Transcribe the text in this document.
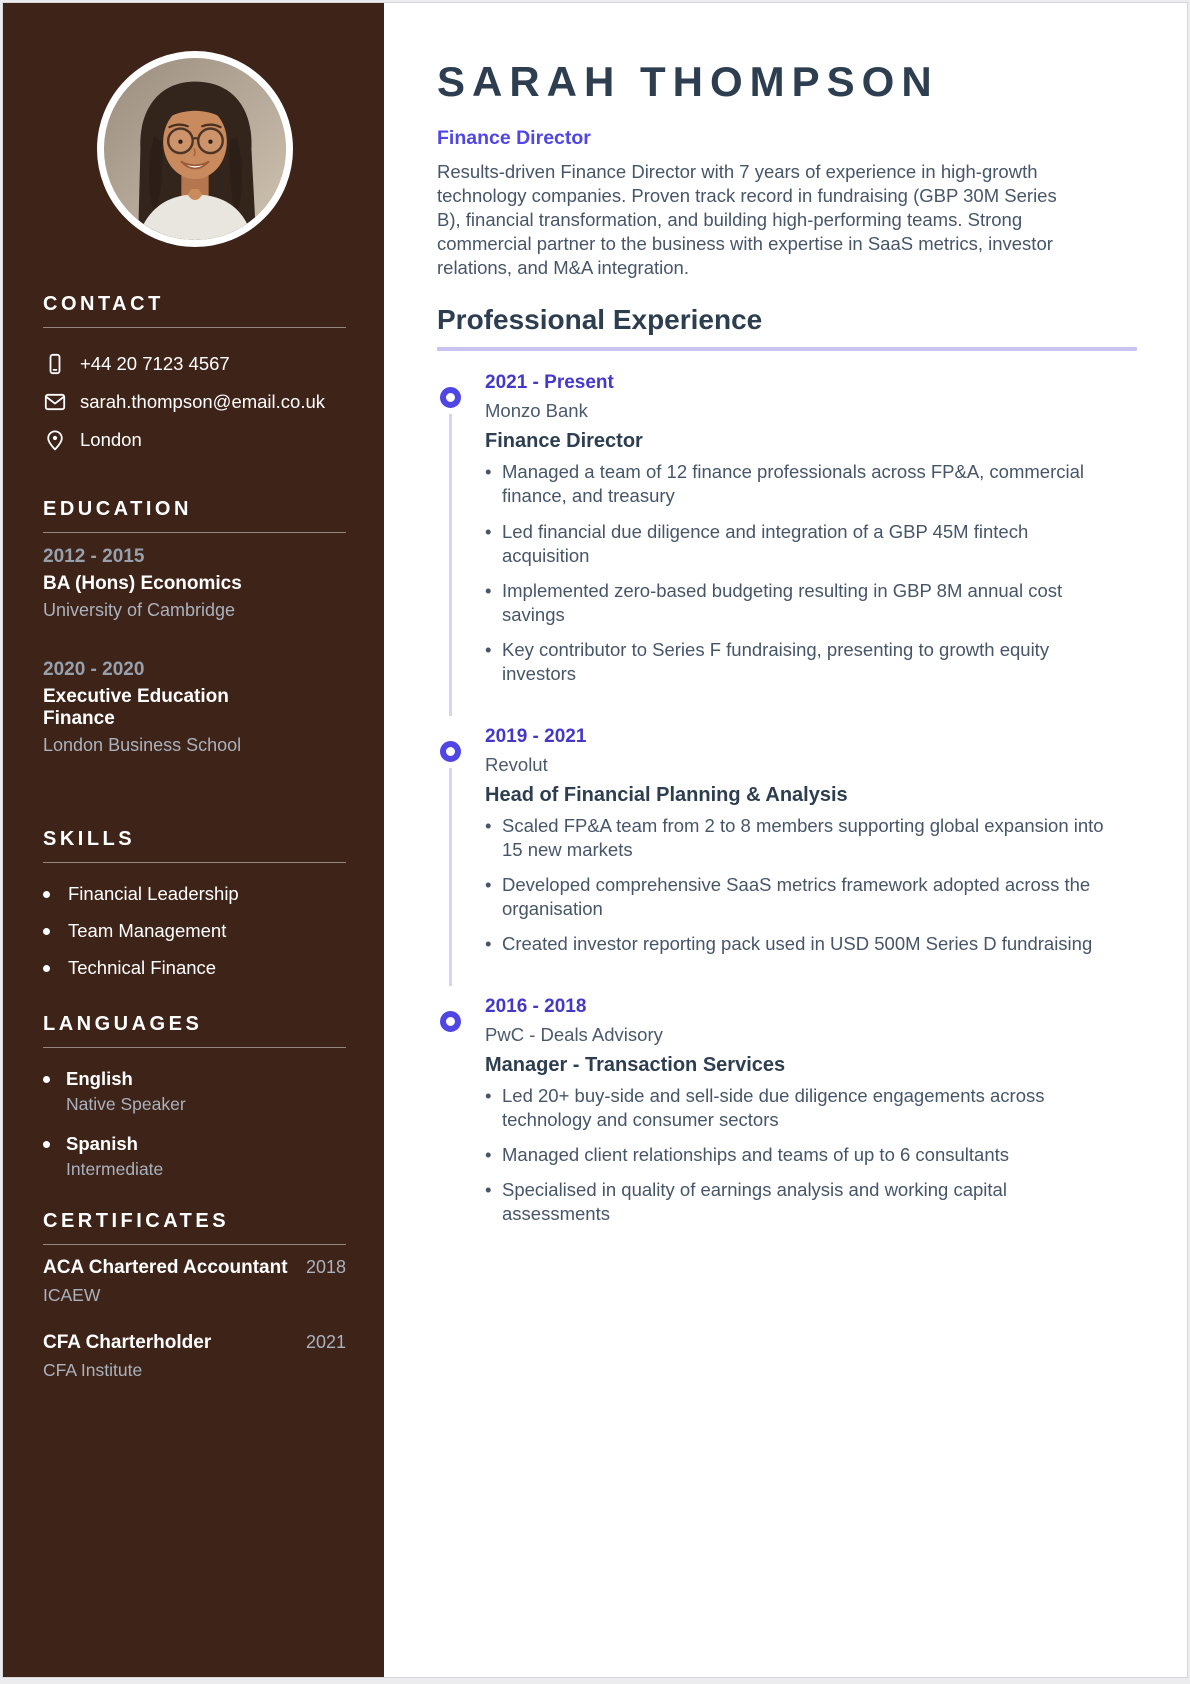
CONTACT
+44 20 7123 4567
sarah.thompson@email.co.uk
London
EDUCATION
2012 - 2015
BA (Hons) Economics
University of Cambridge
2020 - 2020
Executive Education Finance
London Business School
SKILLS
Financial Leadership
Team Management
Technical Finance
LANGUAGES
English
Native Speaker
Spanish
Intermediate
CERTIFICATES
ACA Chartered Accountant	2018
ICAEW
CFA Charterholder	2021
CFA Institute
SARAH THOMPSON
Finance Director

Results-driven Finance Director with 7 years of experience in high-growth technology companies. Proven track record in fundraising (GBP 30M Series B), financial transformation, and building high-performing teams. Strong commercial partner to the business with expertise in SaaS metrics, investor relations, and M&A integration.

Professional Experience
2021 - Present
Monzo Bank
Finance Director
• Managed a team of 12 finance professionals across FP&A, commercial finance, and treasury
• Led financial due diligence and integration of a GBP 45M fintech acquisition
• Implemented zero-based budgeting resulting in GBP 8M annual cost savings
• Key contributor to Series F fundraising, presenting to growth equity investors
2019 - 2021
Revolut
Head of Financial Planning & Analysis
• Scaled FP&A team from 2 to 8 members supporting global expansion into 15 new markets
• Developed comprehensive SaaS metrics framework adopted across the organisation
• Created investor reporting pack used in USD 500M Series D fundraising
2016 - 2018
PwC - Deals Advisory
Manager - Transaction Services
• Led 20+ buy-side and sell-side due diligence engagements across technology and consumer sectors
• Managed client relationships and teams of up to 6 consultants
• Specialised in quality of earnings analysis and working capital assessments
